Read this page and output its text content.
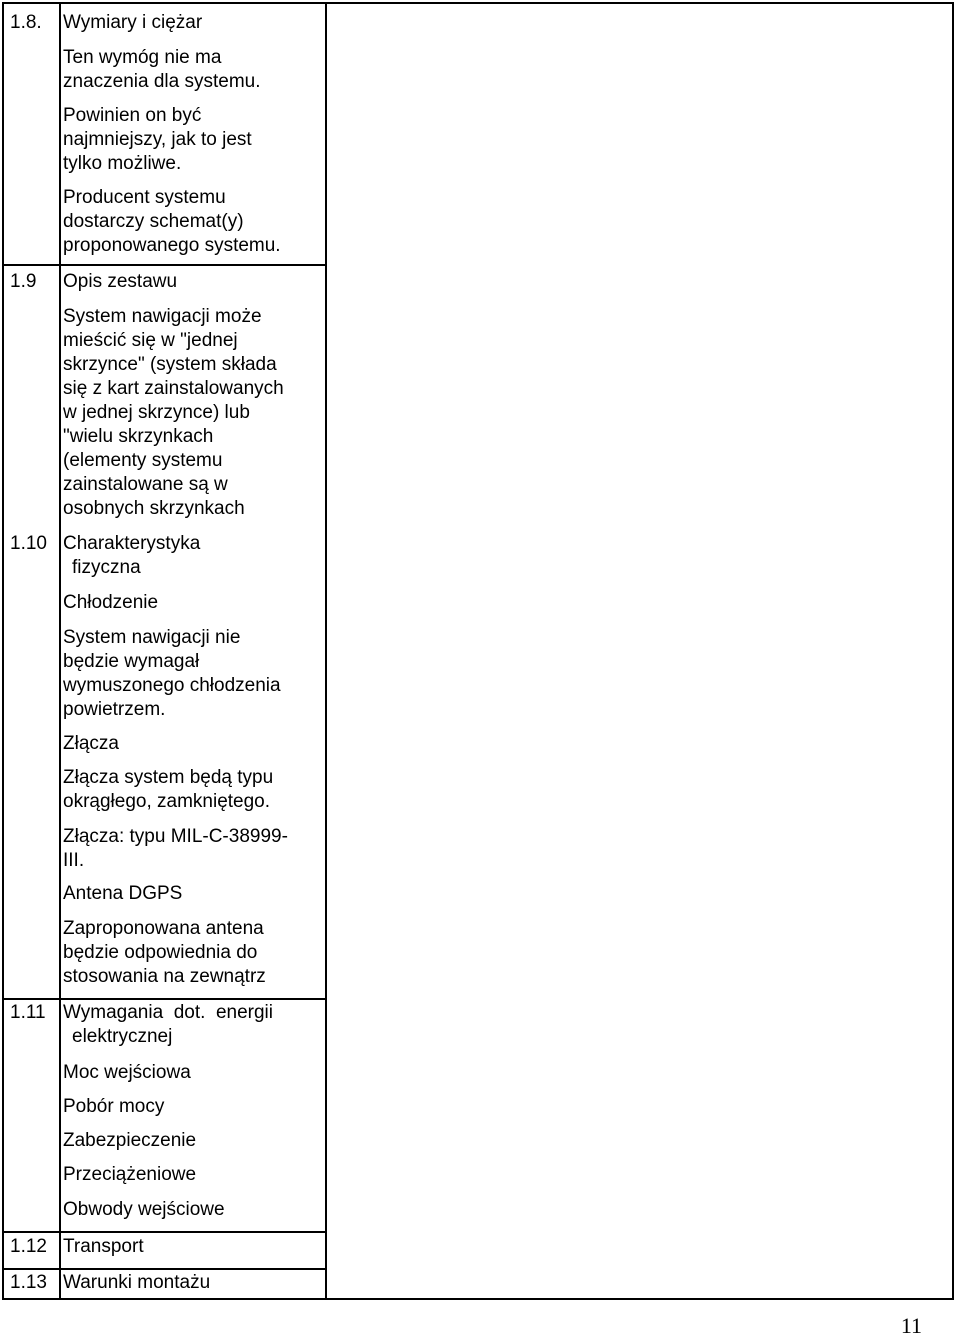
1.8. Wymiary i ciężar
Ten wymóg nie ma
znaczenia dla systemu.
Powinien on być
najmniejszy, jak to jest
tylko możliwe.
Producent systemu
dostarczy schemat(y)
proponowanego systemu.
1.9 Opis zestawu
System nawigacji może
mieścić się w "jednej
skrzynce" (system składa
się z kart zainstalowanych
w jednej skrzynce) lub
"wielu skrzynkach
(elementy systemu
zainstalowane są w
osobnych skrzynkach
1.10 Charakterystyka
fizyczna
Chłodzenie
System nawigacji nie
będzie wymagał
wymuszonego chłodzenia
powietrzem.
Złącza
Złącza system będą typu
okrągłego, zamkniętego.
Złącza: typu MIL-C-38999-
III.
Antena DGPS
Zaproponowana antena
będzie odpowiednia do
stosowania na zewnątrz
1.11 Wymagania  dot.  energii
elektrycznej
Moc wejściowa
Pobór mocy
Zabezpieczenie
Przeciążeniowe
Obwody wejściowe
1.12 Transport
1.13 Warunki montażu
11
